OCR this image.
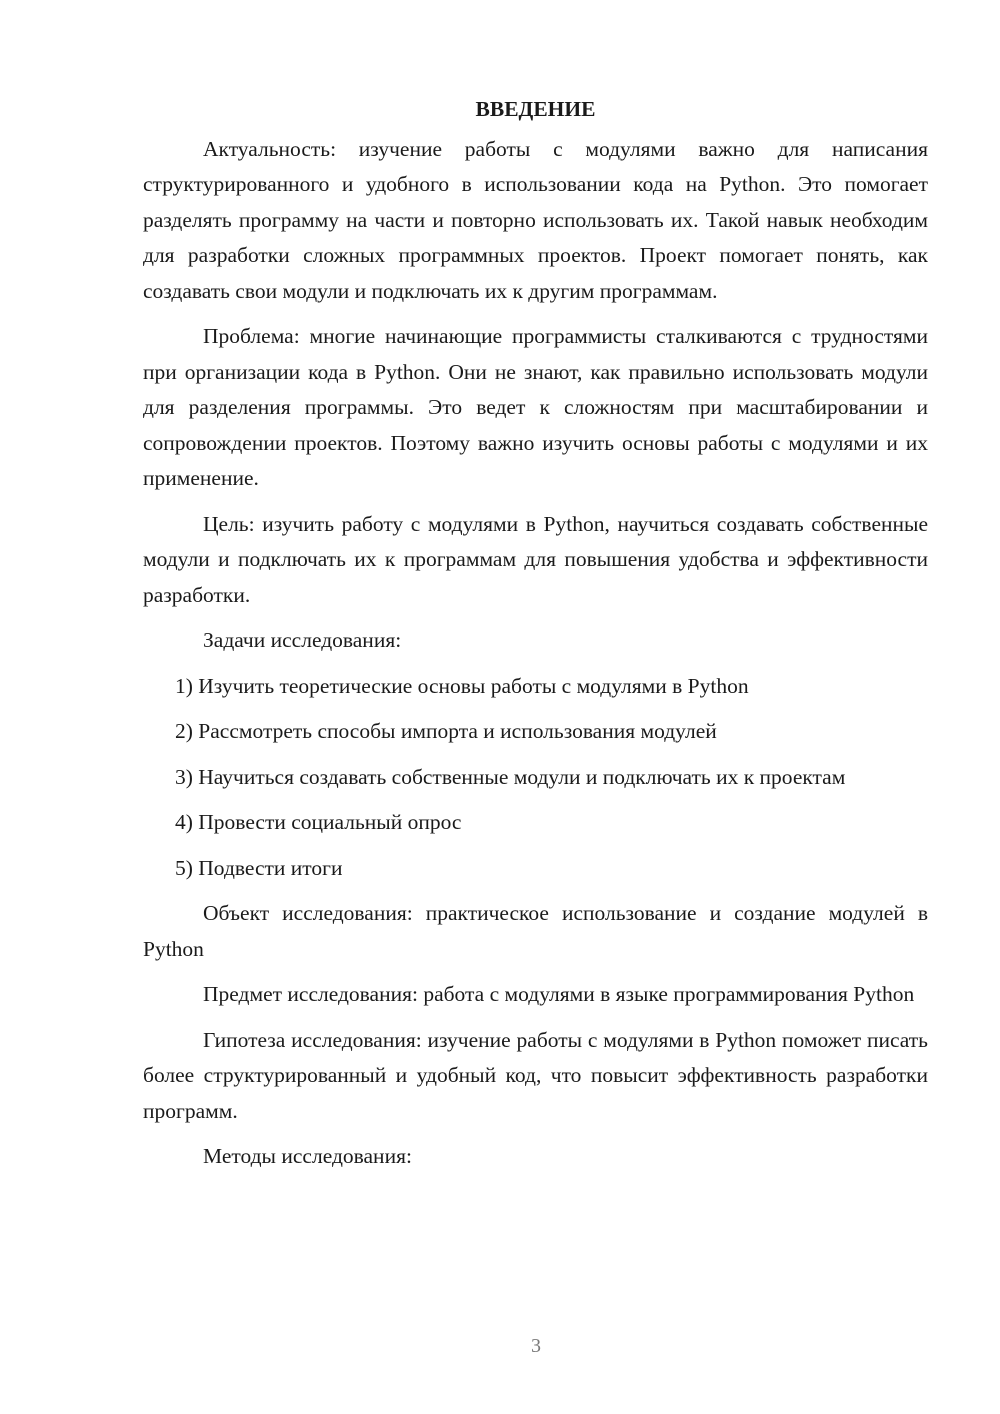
ВВЕДЕНИЕ

Актуальность: изучение работы с модулями важно для написания структурированного и удобного в использовании кода на Python. Это помогает разделять программу на части и повторно использовать их. Такой навык необходим для разработки сложных программных проектов. Проект помогает понять, как создавать свои модули и подключать их к другим программам.

Проблема: многие начинающие программисты сталкиваются с трудностями при организации кода в Python. Они не знают, как правильно использовать модули для разделения программы. Это ведет к сложностям при масштабировании и сопровождении проектов. Поэтому важно изучить основы работы с модулями и их применение.

Цель: изучить работу с модулями в Python, научиться создавать собственные модули и подключать их к программам для повышения удобства и эффективности разработки.

Задачи исследования:

1) Изучить теоретические основы работы с модулями в Python

2) Рассмотреть способы импорта и использования модулей

3) Научиться создавать собственные модули и подключать их к проектам

4) Провести социальный опрос

5) Подвести итоги

Объект исследования: практическое использование и создание модулей в Python

Предмет исследования: работа с модулями в языке программирования Python

Гипотеза исследования: изучение работы с модулями в Python поможет писать более структурированный и удобный код, что повысит эффективность разработки программ.

Методы исследования:

3
